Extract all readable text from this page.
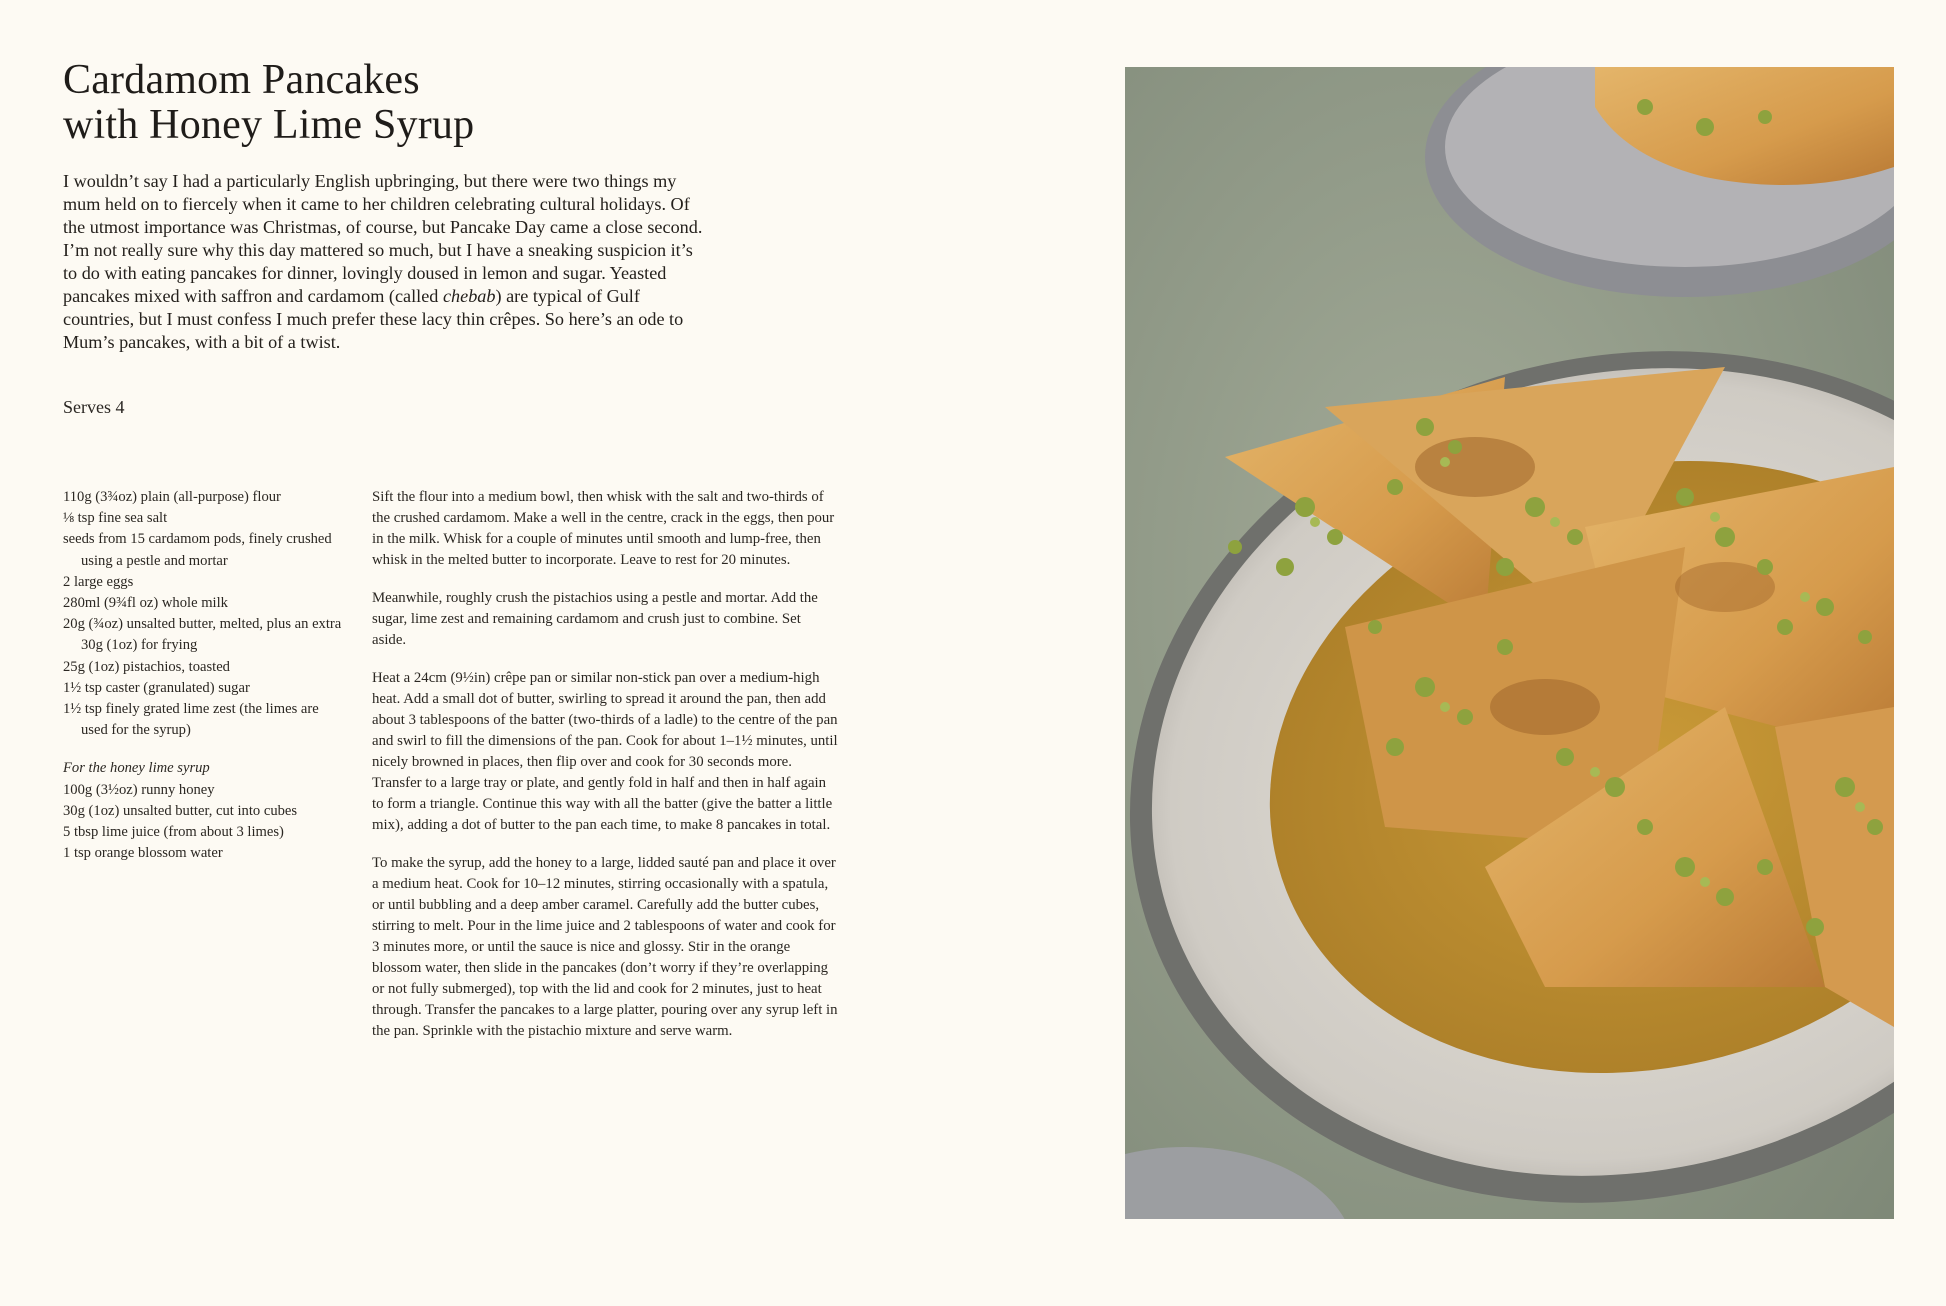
Cardamom Pancakes
with Honey Lime Syrup

I wouldn’t say I had a particularly English upbringing, but there were two things my mum held on to fiercely when it came to her children celebrating cultural holidays. Of the utmost importance was Christmas, of course, but Pancake Day came a close second. I’m not really sure why this day mattered so much, but I have a sneaking suspicion it’s to do with eating pancakes for dinner, lovingly doused in lemon and sugar. Yeasted pancakes mixed with saffron and cardamom (called chebab) are typical of Gulf countries, but I must confess I much prefer these lacy thin crêpes. So here’s an ode to Mum’s pancakes, with a bit of a twist.

Serves 4
110g (3¾oz) plain (all-purpose) flour
⅛ tsp fine sea salt
seeds from 15 cardamom pods, finely crushed using a pestle and mortar
2 large eggs
280ml (9¾fl oz) whole milk
20g (¾oz) unsalted butter, melted, plus an extra 30g (1oz) for frying
25g (1oz) pistachios, toasted
1½ tsp caster (granulated) sugar
1½ tsp finely grated lime zest (the limes are used for the syrup)
For the honey lime syrup
100g (3½oz) runny honey
30g (1oz) unsalted butter, cut into cubes
5 tbsp lime juice (from about 3 limes)
1 tsp orange blossom water

Sift the flour into a medium bowl, then whisk with the salt and two-thirds of the crushed cardamom. Make a well in the centre, crack in the eggs, then pour in the milk. Whisk for a couple of minutes until smooth and lump-free, then whisk in the melted butter to incorporate. Leave to rest for 20 minutes.

Meanwhile, roughly crush the pistachios using a pestle and mortar. Add the sugar, lime zest and remaining cardamom and crush just to combine. Set aside.

Heat a 24cm (9½in) crêpe pan or similar non-stick pan over a medium-high heat. Add a small dot of butter, swirling to spread it around the pan, then add about 3 tablespoons of the batter (two-thirds of a ladle) to the centre of the pan and swirl to fill the dimensions of the pan. Cook for about 1–1½ minutes, until nicely browned in places, then flip over and cook for 30 seconds more. Transfer to a large tray or plate, and gently fold in half and then in half again to form a triangle. Continue this way with all the batter (give the batter a little mix), adding a dot of butter to the pan each time, to make 8 pancakes in total.

To make the syrup, add the honey to a large, lidded sauté pan and place it over a medium heat. Cook for 10–12 minutes, stirring occasionally with a spatula, or until bubbling and a deep amber caramel. Carefully add the butter cubes, stirring to melt. Pour in the lime juice and 2 tablespoons of water and cook for 3 minutes more, or until the sauce is nice and glossy. Stir in the orange blossom water, then slide in the pancakes (don’t worry if they’re overlapping or not fully submerged), top with the lid and cook for 2 minutes, just to heat through. Transfer the pancakes to a large platter, pouring over any syrup left in the pan. Sprinkle with the pistachio mixture and serve warm.
